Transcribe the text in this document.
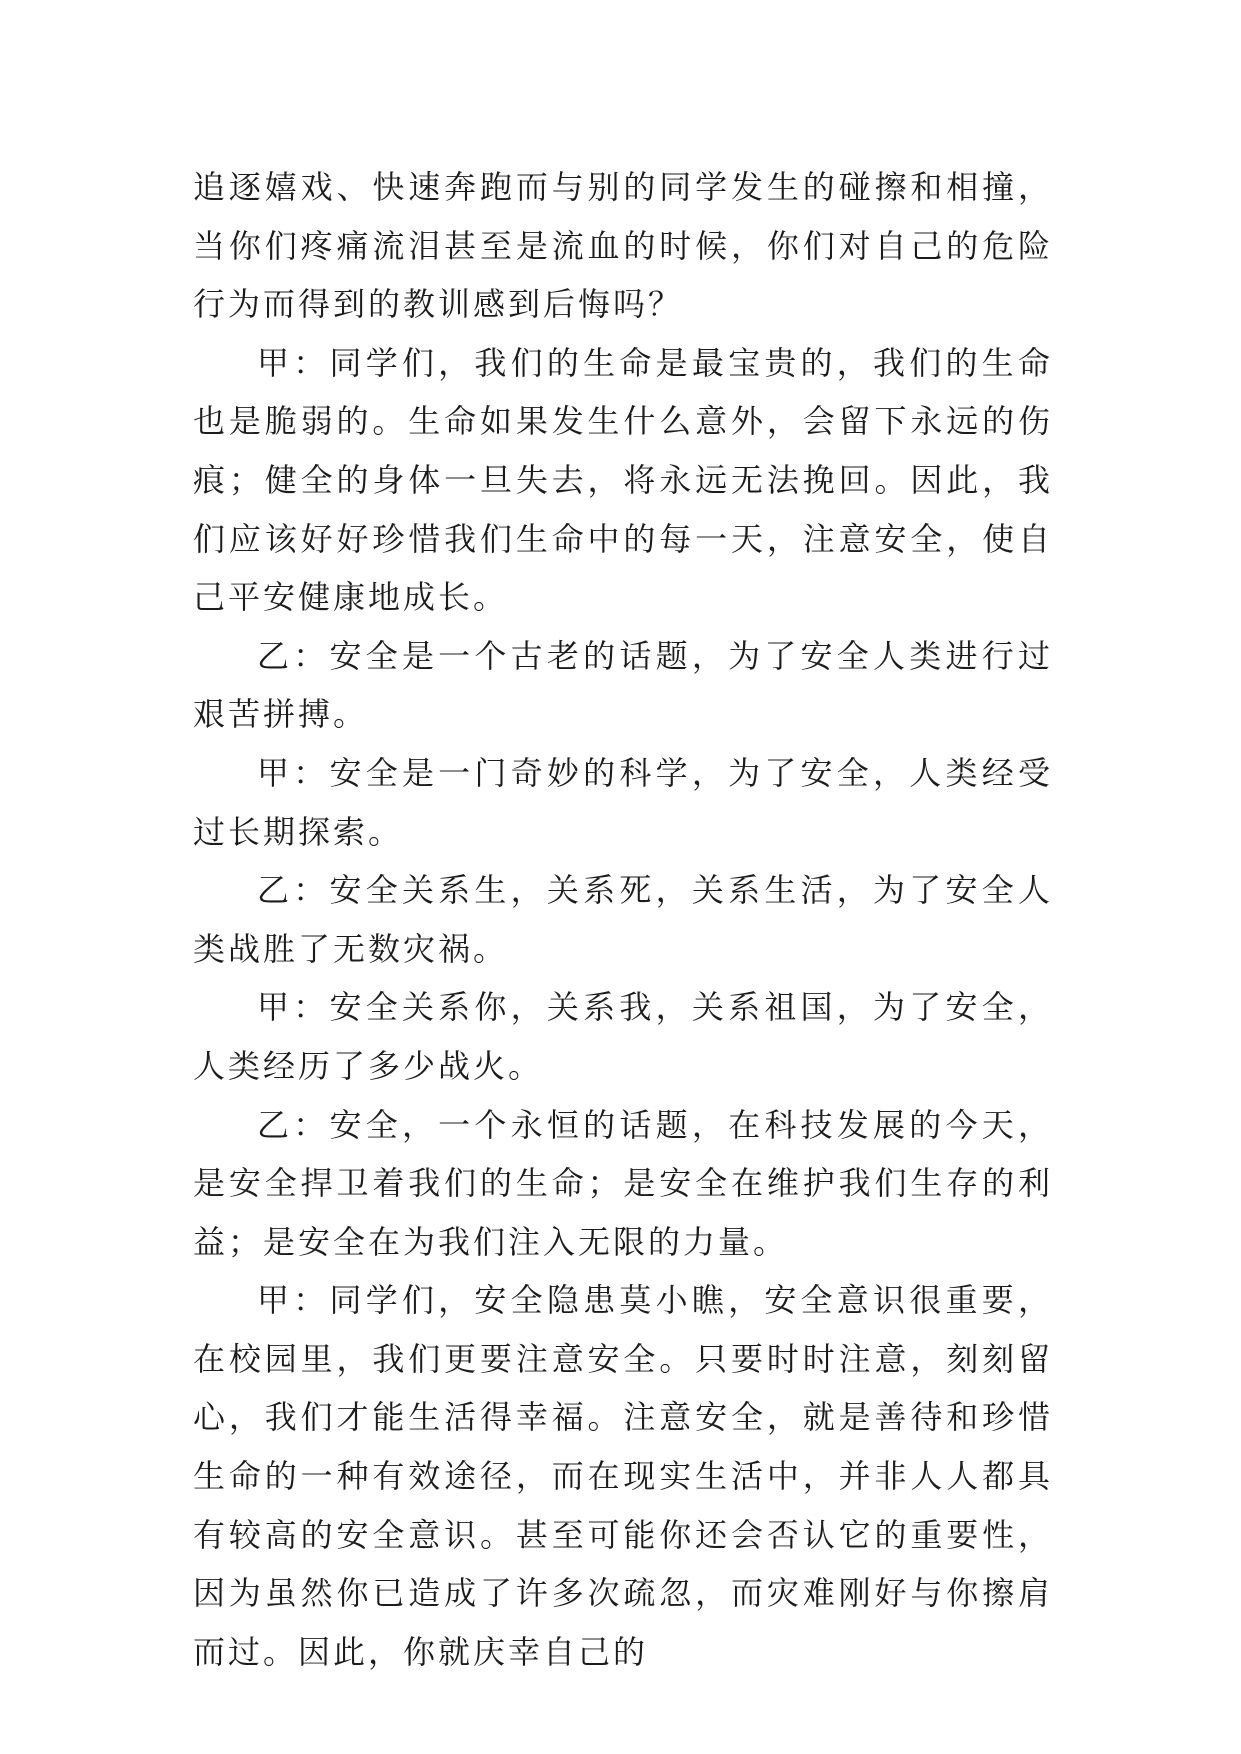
追逐嬉戏、快速奔跑而与别的同学发生的碰擦和相撞，当你们疼痛流泪甚至是流血的时候，你们对自己的危险行为而得到的教训感到后悔吗？

甲：同学们，我们的生命是最宝贵的，我们的生命也是脆弱的。生命如果发生什么意外，会留下永远的伤痕；健全的身体一旦失去，将永远无法挽回。因此，我们应该好好珍惜我们生命中的每一天，注意安全，使自己平安健康地成长。

乙：安全是一个古老的话题，为了安全人类进行过艰苦拼搏。

甲：安全是一门奇妙的科学，为了安全，人类经受过长期探索。

乙：安全关系生，关系死，关系生活，为了安全人类战胜了无数灾祸。

甲：安全关系你，关系我，关系祖国，为了安全，人类经历了多少战火。

乙：安全，一个永恒的话题，在科技发展的今天，是安全捍卫着我们的生命；是安全在维护我们生存的利益；是安全在为我们注入无限的力量。

甲：同学们，安全隐患莫小瞧，安全意识很重要，在校园里，我们更要注意安全。只要时时注意，刻刻留心，我们才能生活得幸福。注意安全，就是善待和珍惜生命的一种有效途径，而在现实生活中，并非人人都具有较高的安全意识。甚至可能你还会否认它的重要性，因为虽然你已造成了许多次疏忽，而灾难刚好与你擦肩而过。因此，你就庆幸自己的
